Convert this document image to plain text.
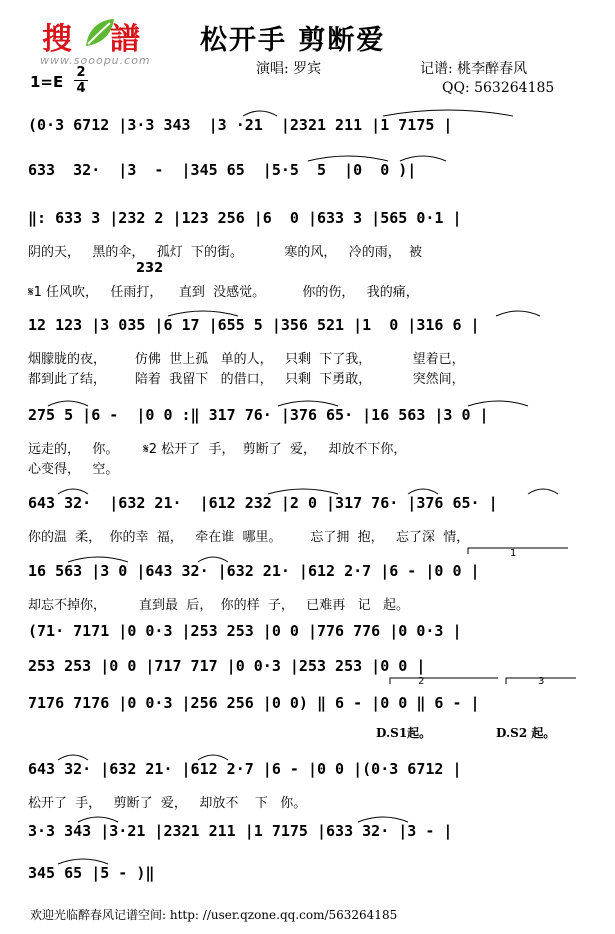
搜 譜
www.sooopu.com
松开手 剪断爱
演唱: 罗宾	记谱: 桃李醉春风
QQ: 563264185
1=E
2
4
(0·3 6712 |3·3 343  |3 ·21  |2321 211 |1 7175 |
633  32·  |3  -  |345 65  |5·5  5  |0  0 )|
‖: 633 3 |232 2 |123 256 |6  0 |633 3 |565 0·1 |
阴的天，   黑的伞，   孤灯  下的街。          寒的风，   冷的雨，  被
232
𝄋1 任风吹，   任雨打，    直到  没感觉。         你的伤，   我的痛，
12 123 |3 035 |6 17 |655 5 |356 521 |1  0 |316 6 |
烟朦胧的夜，       仿佛  世上孤   单的人，   只剩  下了我，          望着已，
都到此了结，       陪着  我留下   的借口，   只剩  下勇敢，          突然间，
275 5 |6 -  |0 0 :‖ 317 76· |376 65· |16 563 |3 0 |
远走的，   你。      𝄋2 松开了  手，  剪断了  爱，   却放不下你，
心变得，   空。
643 32·  |632 21·  |612 232 |2 0 |317 76· |376 65· |
你的温  柔，  你的幸  福，   牵在谁  哪里。       忘了拥  抱，   忘了深  情，
1
16 563 |3 0 |643 32· |632 21· |612 2·7 |6 - |0 0 |
却忘不掉你，        直到最  后，  你的样  子，   已难再   记   起。
(71· 7171 |0 0·3 |253 253 |0 0 |776 776 |0 0·3 |
253 253 |0 0 |717 717 |0 0·3 |253 253 |0 0 |
2	3
7176 7176 |0 0·3 |256 256 |0 0) ‖ 6 - |0 0 ‖ 6 - |
D.S1起。	D.S2 起。
643 32· |632 21· |612 2·7 |6 - |0 0 |(0·3 6712 |
松开了  手，   剪断了  爱，   却放不    下   你。
3·3 343 |3·21 |2321 211 |1 7175 |633 32· |3 - |
345 65 |5 - )‖
欢迎光临醉春风记谱空间: http: //user.qzone.qq.com/563264185
